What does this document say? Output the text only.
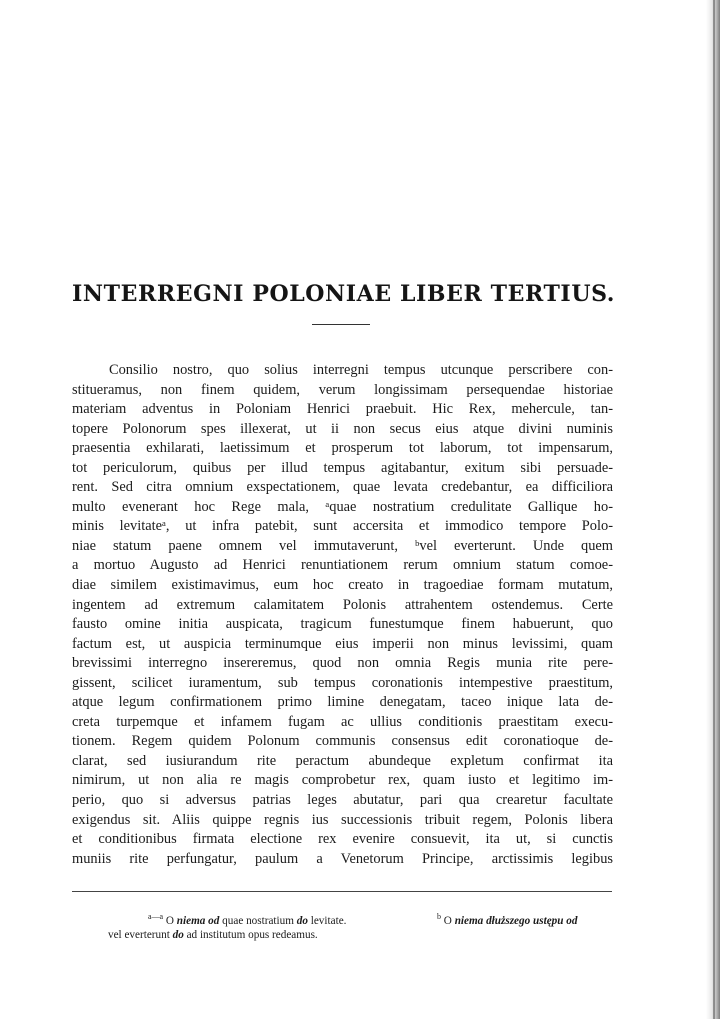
INTERREGNI POLONIAE LIBER TERTIUS.
Consilio nostro, quo solius interregni tempus utcunque perscribere con-
stitueramus, non finem quidem, verum longissimam persequendae historiae
materiam adventus in Poloniam Henrici praebuit. Hic Rex, mehercule, tan-
topere Polonorum spes illexerat, ut ii non secus eius atque divini numinis
praesentia exhilarati, laetissimum et prosperum tot laborum, tot impensarum,
tot periculorum, quibus per illud tempus agitabantur, exitum sibi persuade-
rent. Sed citra omnium exspectationem, quae levata credebantur, ea difficiliora
multo evenerant hoc Rege mala, ᵃquae nostratium credulitate Gallique ho-
minis levitateᵃ, ut infra patebit, sunt accersita et immodico tempore Polo-
niae statum paene omnem vel immutaverunt, ᵇvel everterunt. Unde quem
a mortuo Augusto ad Henrici renuntiationem rerum omnium statum comoe-
diae similem existimavimus, eum hoc creato in tragoediae formam mutatum,
ingentem ad extremum calamitatem Polonis attrahentem ostendemus. Certe
fausto omine initia auspicata, tragicum funestumque finem habuerunt, quo
factum est, ut auspicia terminumque eius imperii non minus levissimi, quam
brevissimi interregno insereremus, quod non omnia Regis munia rite pere-
gissent, scilicet iuramentum, sub tempus coronationis intempestive praestitum,
atque legum confirmationem primo limine denegatam, taceo inique lata de-
creta turpemque et infamem fugam ac ullius conditionis praestitam execu-
tionem. Regem quidem Polonum communis consensus edit coronatioque de-
clarat, sed iusiurandum rite peractum abundeque expletum confirmat ita
nimirum, ut non alia re magis comprobetur rex, quam iusto et legitimo im-
perio, quo si adversus patrias leges abutatur, pari qua crearetur facultate
exigendus sit. Aliis quippe regnis ius successionis tribuit regem, Polonis libera
et conditionibus firmata electione rex evenire consuevit, ita ut, si cunctis
muniis rite perfungatur, paulum a Venetorum Principe, arctissimis legibus
$^{a—a}$ O niema od quae nostratium do levitate.	$^b$ O niema dłuższego ustępu od
vel everterunt do ad institutum opus redeamus.
